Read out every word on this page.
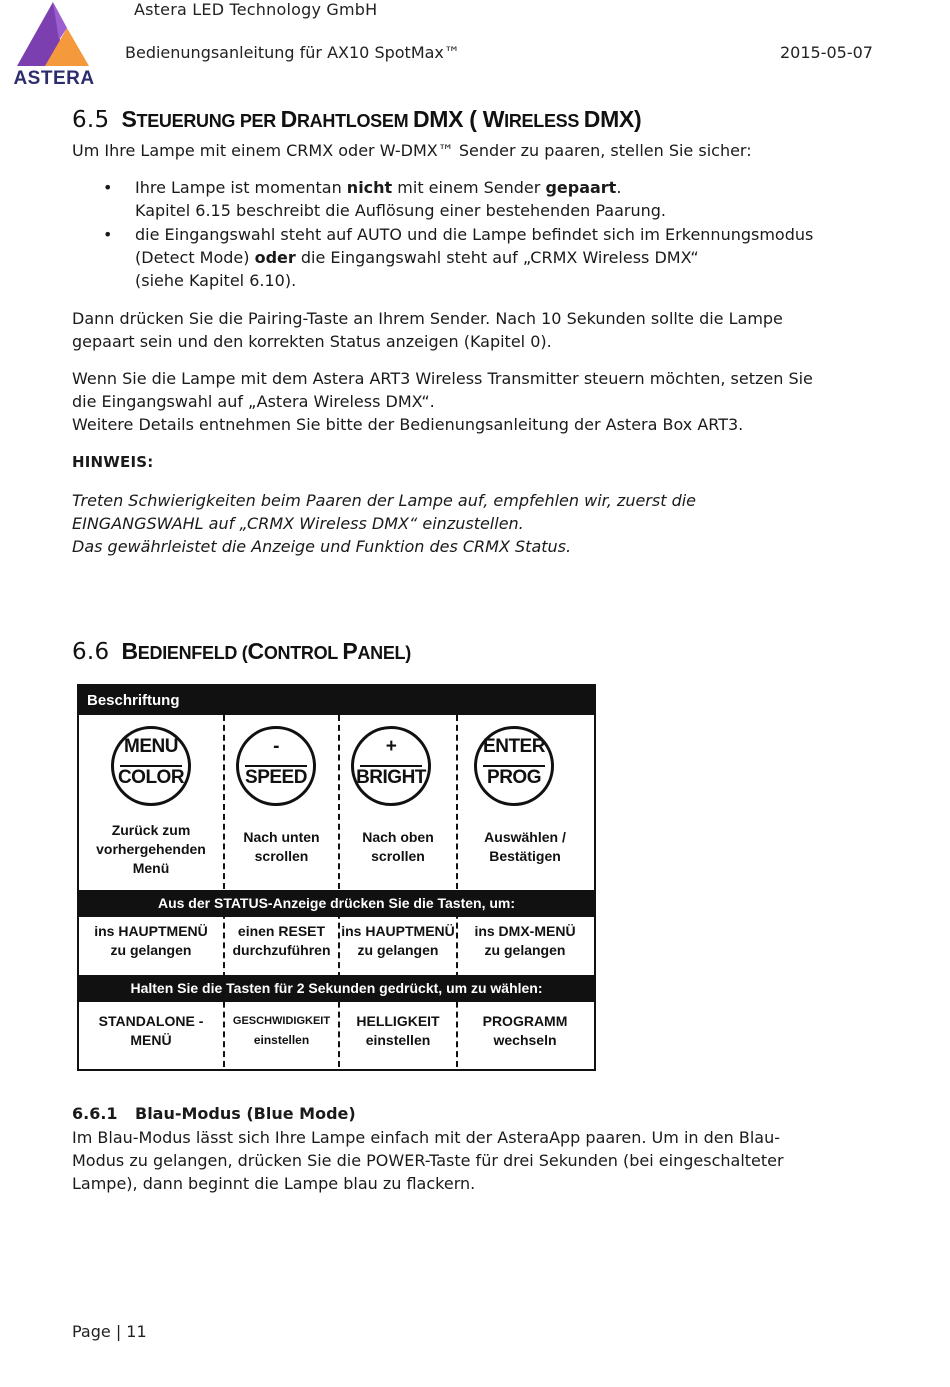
ASTERA
Astera LED Technology GmbH
Bedienungsanleitung für AX10 SpotMax™	2015-05-07
6.5 STEUERUNG PER DRAHTLOSEM DMX ( WIRELESS DMX)
Um Ihre Lampe mit einem CRMX oder W-DMX™ Sender zu paaren, stellen Sie sicher:
• Ihre Lampe ist momentan nicht mit einem Sender gepaart.
Kapitel 6.15 beschreibt die Auflösung einer bestehenden Paarung.
• die Eingangswahl steht auf AUTO und die Lampe befindet sich im Erkennungsmodus
(Detect Mode) oder die Eingangswahl steht auf „CRMX Wireless DMX“
(siehe Kapitel 6.10).
Dann drücken Sie die Pairing-Taste an Ihrem Sender. Nach 10 Sekunden sollte die Lampe
gepaart sein und den korrekten Status anzeigen (Kapitel 0).
Wenn Sie die Lampe mit dem Astera ART3 Wireless Transmitter steuern möchten, setzen Sie
die Eingangswahl auf „Astera Wireless DMX“.
Weitere Details entnehmen Sie bitte der Bedienungsanleitung der Astera Box ART3.
HINWEIS:
Treten Schwierigkeiten beim Paaren der Lampe auf, empfehlen wir, zuerst die
EINGANGSWAHL auf „CRMX Wireless DMX“ einzustellen.
Das gewährleistet die Anzeige und Funktion des CRMX Status.
6.6 BEDIENFELD (CONTROL PANEL)
Beschriftung
MENU
COLOR
-
SPEED
+
BRIGHT
ENTER
PROG
Zurück zum
vorhergehenden
Menü
Nach unten
scrollen
Nach oben
scrollen
Auswählen /
Bestätigen
Aus der STATUS-Anzeige drücken Sie die Tasten, um:
ins HAUPTMENÜ
zu gelangen
einen RESET
durchzuführen
ins HAUPTMENÜ
zu gelangen
ins DMX-MENÜ
zu gelangen
Halten Sie die Tasten für 2 Sekunden gedrückt, um zu wählen:
STANDALONE -
MENÜ
GESCHWIDIGKEIT
einstellen
HELLIGKEIT
einstellen
PROGRAMM
wechseln
6.6.1 Blau-Modus (Blue Mode)
Im Blau-Modus lässt sich Ihre Lampe einfach mit der AsteraApp paaren. Um in den Blau-
Modus zu gelangen, drücken Sie die POWER-Taste für drei Sekunden (bei eingeschalteter
Lampe), dann beginnt die Lampe blau zu flackern.
Page | 11
